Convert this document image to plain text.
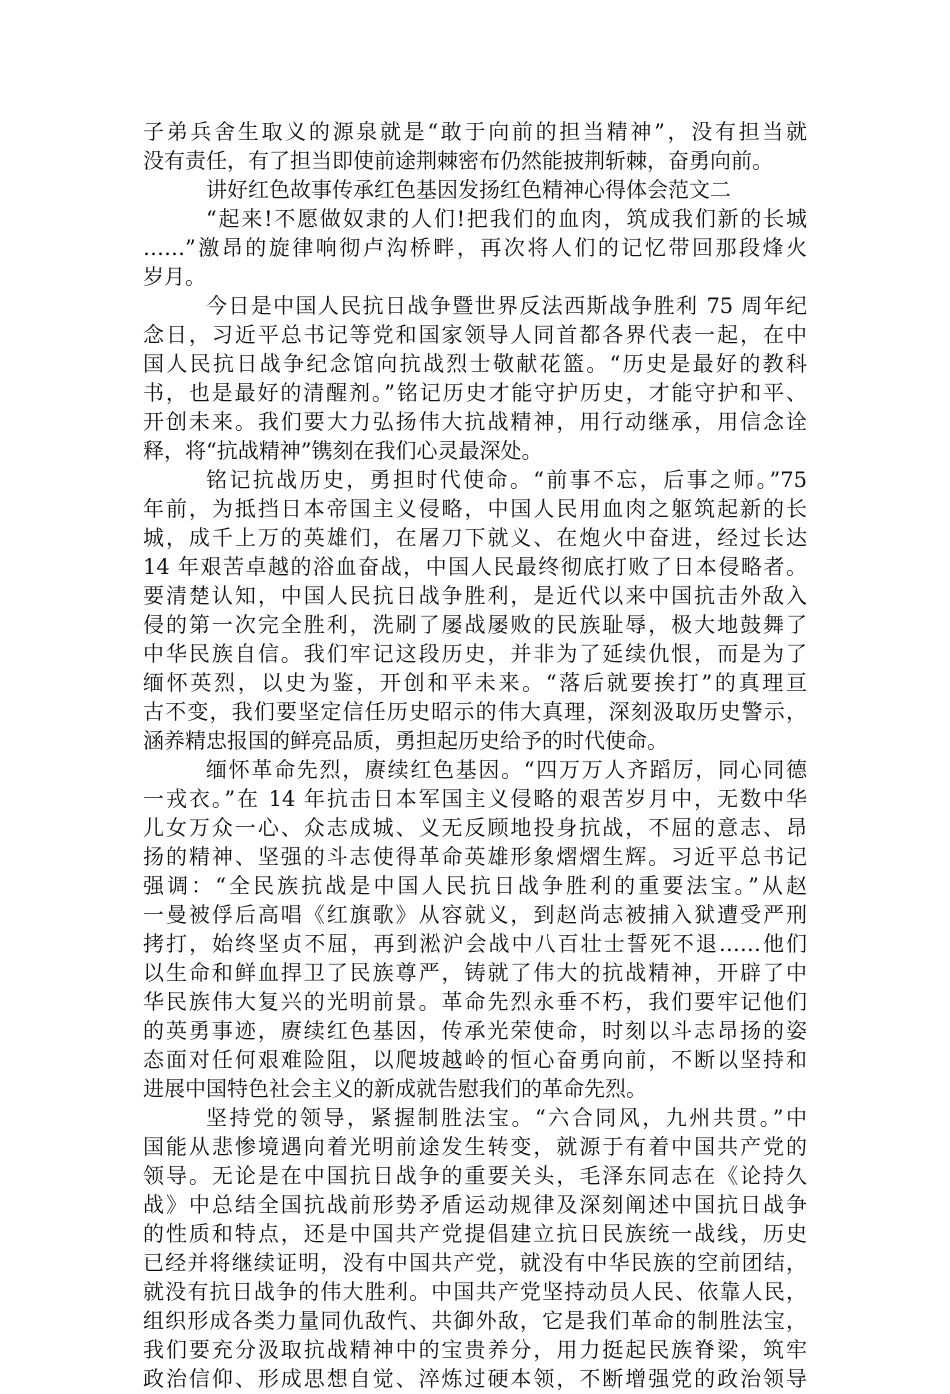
子弟兵舍生取义的源泉就是“敢于向前的担当精神”，没有担当就
没有责任，有了担当即使前途荆棘密布仍然能披荆斩棘，奋勇向前。
讲好红色故事传承红色基因发扬红色精神心得体会范文二
“起来!不愿做奴隶的人们!把我们的血肉，筑成我们新的长城
……”激昂的旋律响彻卢沟桥畔，再次将人们的记忆带回那段烽火
岁月。
今日是中国人民抗日战争暨世界反法西斯战争胜利 75 周年纪
念日，习近平总书记等党和国家领导人同首都各界代表一起，在中
国人民抗日战争纪念馆向抗战烈士敬献花篮。“历史是最好的教科
书，也是最好的清醒剂。”铭记历史才能守护历史，才能守护和平、
开创未来。我们要大力弘扬伟大抗战精神，用行动继承，用信念诠
释，将“抗战精神”镌刻在我们心灵最深处。
铭记抗战历史，勇担时代使命。“前事不忘，后事之师。”75
年前，为抵挡日本帝国主义侵略，中国人民用血肉之躯筑起新的长
城，成千上万的英雄们，在屠刀下就义、在炮火中奋进，经过长达
14 年艰苦卓越的浴血奋战，中国人民最终彻底打败了日本侵略者。
要清楚认知，中国人民抗日战争胜利，是近代以来中国抗击外敌入
侵的第一次完全胜利，洗刷了屡战屡败的民族耻辱，极大地鼓舞了
中华民族自信。我们牢记这段历史，并非为了延续仇恨，而是为了
缅怀英烈，以史为鉴，开创和平未来。“落后就要挨打”的真理亘
古不变，我们要坚定信任历史昭示的伟大真理，深刻汲取历史警示，
涵养精忠报国的鲜亮品质，勇担起历史给予的时代使命。
缅怀革命先烈，赓续红色基因。“四万万人齐蹈厉，同心同德
一戎衣。”在 14 年抗击日本军国主义侵略的艰苦岁月中，无数中华
儿女万众一心、众志成城、义无反顾地投身抗战，不屈的意志、昂
扬的精神、坚强的斗志使得革命英雄形象熠熠生辉。习近平总书记
强调：“全民族抗战是中国人民抗日战争胜利的重要法宝。”从赵
一曼被俘后高唱《红旗歌》从容就义，到赵尚志被捕入狱遭受严刑
拷打，始终坚贞不屈，再到淞沪会战中八百壮士誓死不退……他们
以生命和鲜血捍卫了民族尊严，铸就了伟大的抗战精神，开辟了中
华民族伟大复兴的光明前景。革命先烈永垂不朽，我们要牢记他们
的英勇事迹，赓续红色基因，传承光荣使命，时刻以斗志昂扬的姿
态面对任何艰难险阻，以爬坡越岭的恒心奋勇向前，不断以坚持和
进展中国特色社会主义的新成就告慰我们的革命先烈。
坚持党的领导，紧握制胜法宝。“六合同风，九州共贯。”中
国能从悲惨境遇向着光明前途发生转变，就源于有着中国共产党的
领导。无论是在中国抗日战争的重要关头，毛泽东同志在《论持久
战》中总结全国抗战前形势矛盾运动规律及深刻阐述中国抗日战争
的性质和特点，还是中国共产党提倡建立抗日民族统一战线，历史
已经并将继续证明，没有中国共产党，就没有中华民族的空前团结，
就没有抗日战争的伟大胜利。中国共产党坚持动员人民、依靠人民，
组织形成各类力量同仇敌忾、共御外敌，它是我们革命的制胜法宝，
我们要充分汲取抗战精神中的宝贵养分，用力挺起民族脊梁，筑牢
政治信仰、形成思想自觉、淬炼过硬本领，不断增强党的政治领导
